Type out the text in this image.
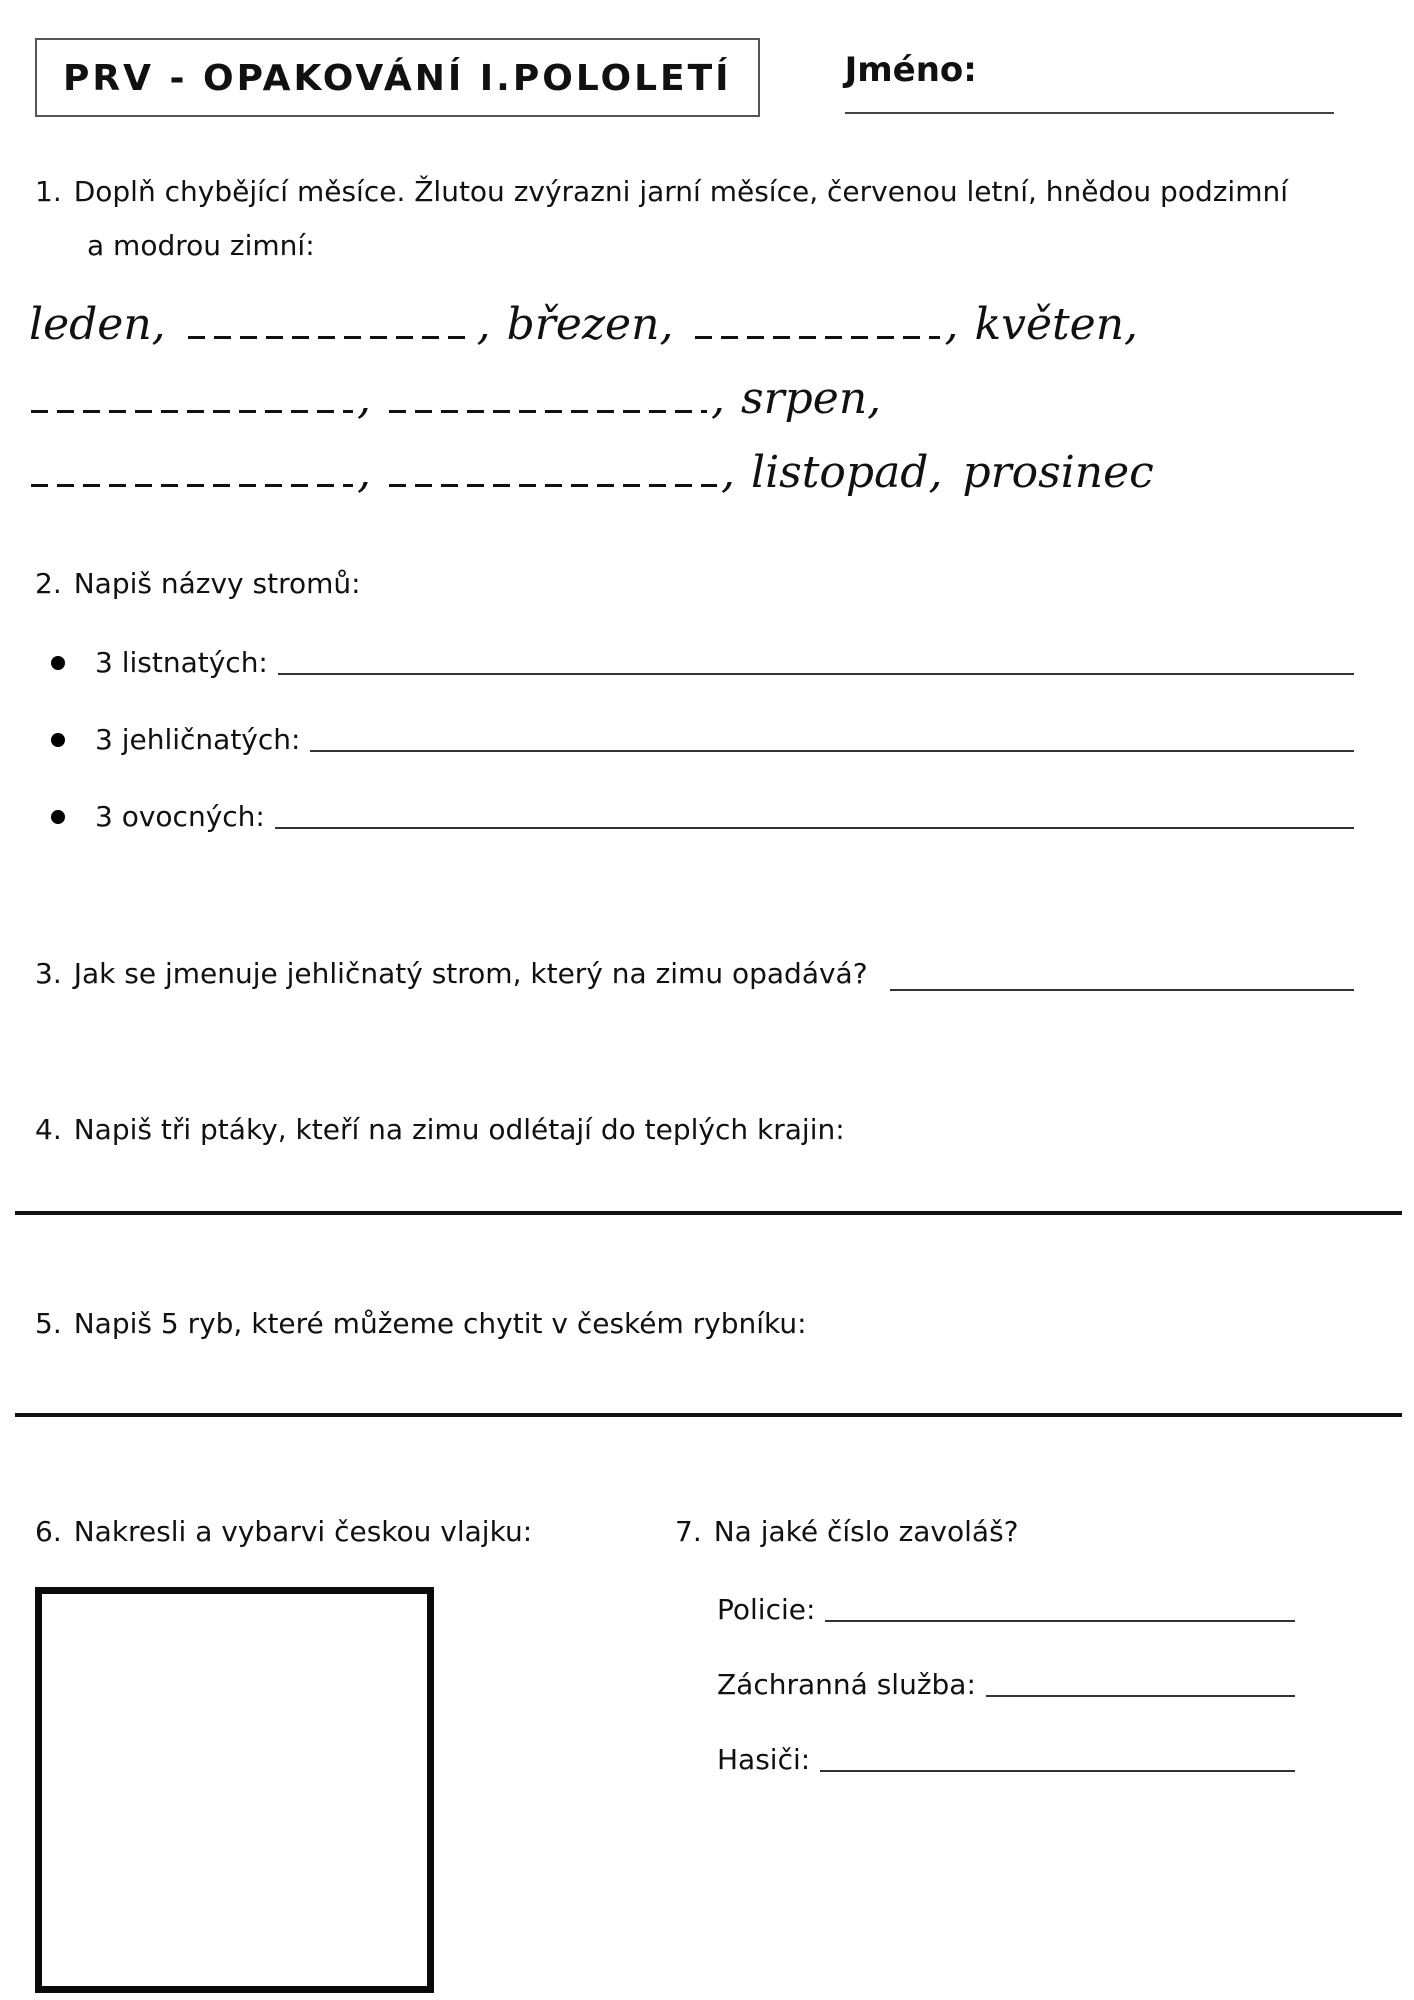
PRV - OPAKOVÁNÍ I.POLOLETÍ	Jméno:
1. Doplň chybějící měsíce. Žlutou zvýrazni jarní měsíce, červenou letní, hnědou podzimní
a modrou zimní:
leden,	, březen,	, květen,
,	, srpen,
,	, listopad, prosinec
2. Napiš názvy stromů:
3 listnatých:
3 jehličnatých:
3 ovocných:
3. Jak se jmenuje jehličnatý strom, který na zimu opadává?
4. Napiš tři ptáky, kteří na zimu odlétají do teplých krajin:
5. Napiš 5 ryb, které můžeme chytit v českém rybníku:
6. Nakresli a vybarvi českou vlajku:	7. Na jaké číslo zavoláš?
Policie:
Záchranná služba:
Hasiči:
